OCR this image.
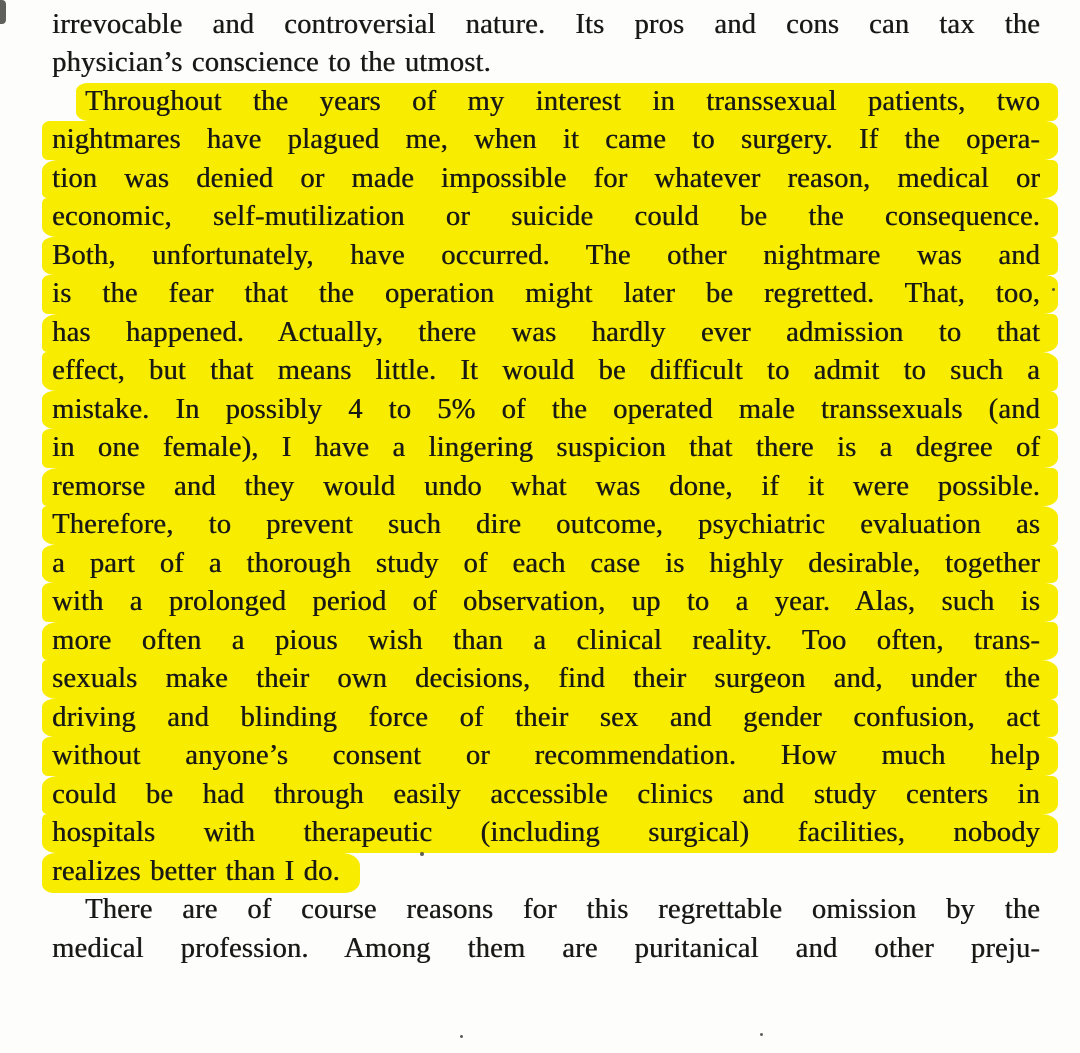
irrevocable and controversial nature. Its pros and cons can tax the
physician’s conscience to the utmost.
Throughout the years of my interest in transsexual patients, two
nightmares have plagued me, when it came to surgery. If the opera-
tion was denied or made impossible for whatever reason, medical or
economic, self-mutilization or suicide could be the consequence.
Both, unfortunately, have occurred. The other nightmare was and
is the fear that the operation might later be regretted. That, too,
has happened. Actually, there was hardly ever admission to that
effect, but that means little. It would be difficult to admit to such a
mistake. In possibly 4 to 5% of the operated male transsexuals (and
in one female), I have a lingering suspicion that there is a degree of
remorse and they would undo what was done, if it were possible.
Therefore, to prevent such dire outcome, psychiatric evaluation as
a part of a thorough study of each case is highly desirable, together
with a prolonged period of observation, up to a year. Alas, such is
more often a pious wish than a clinical reality. Too often, trans-
sexuals make their own decisions, find their surgeon and, under the
driving and blinding force of their sex and gender confusion, act
without anyone’s consent or recommendation. How much help
could be had through easily accessible clinics and study centers in
hospitals with therapeutic (including surgical) facilities, nobody
realizes better than I do.
There are of course reasons for this regrettable omission by the
medical profession. Among them are puritanical and other preju-
